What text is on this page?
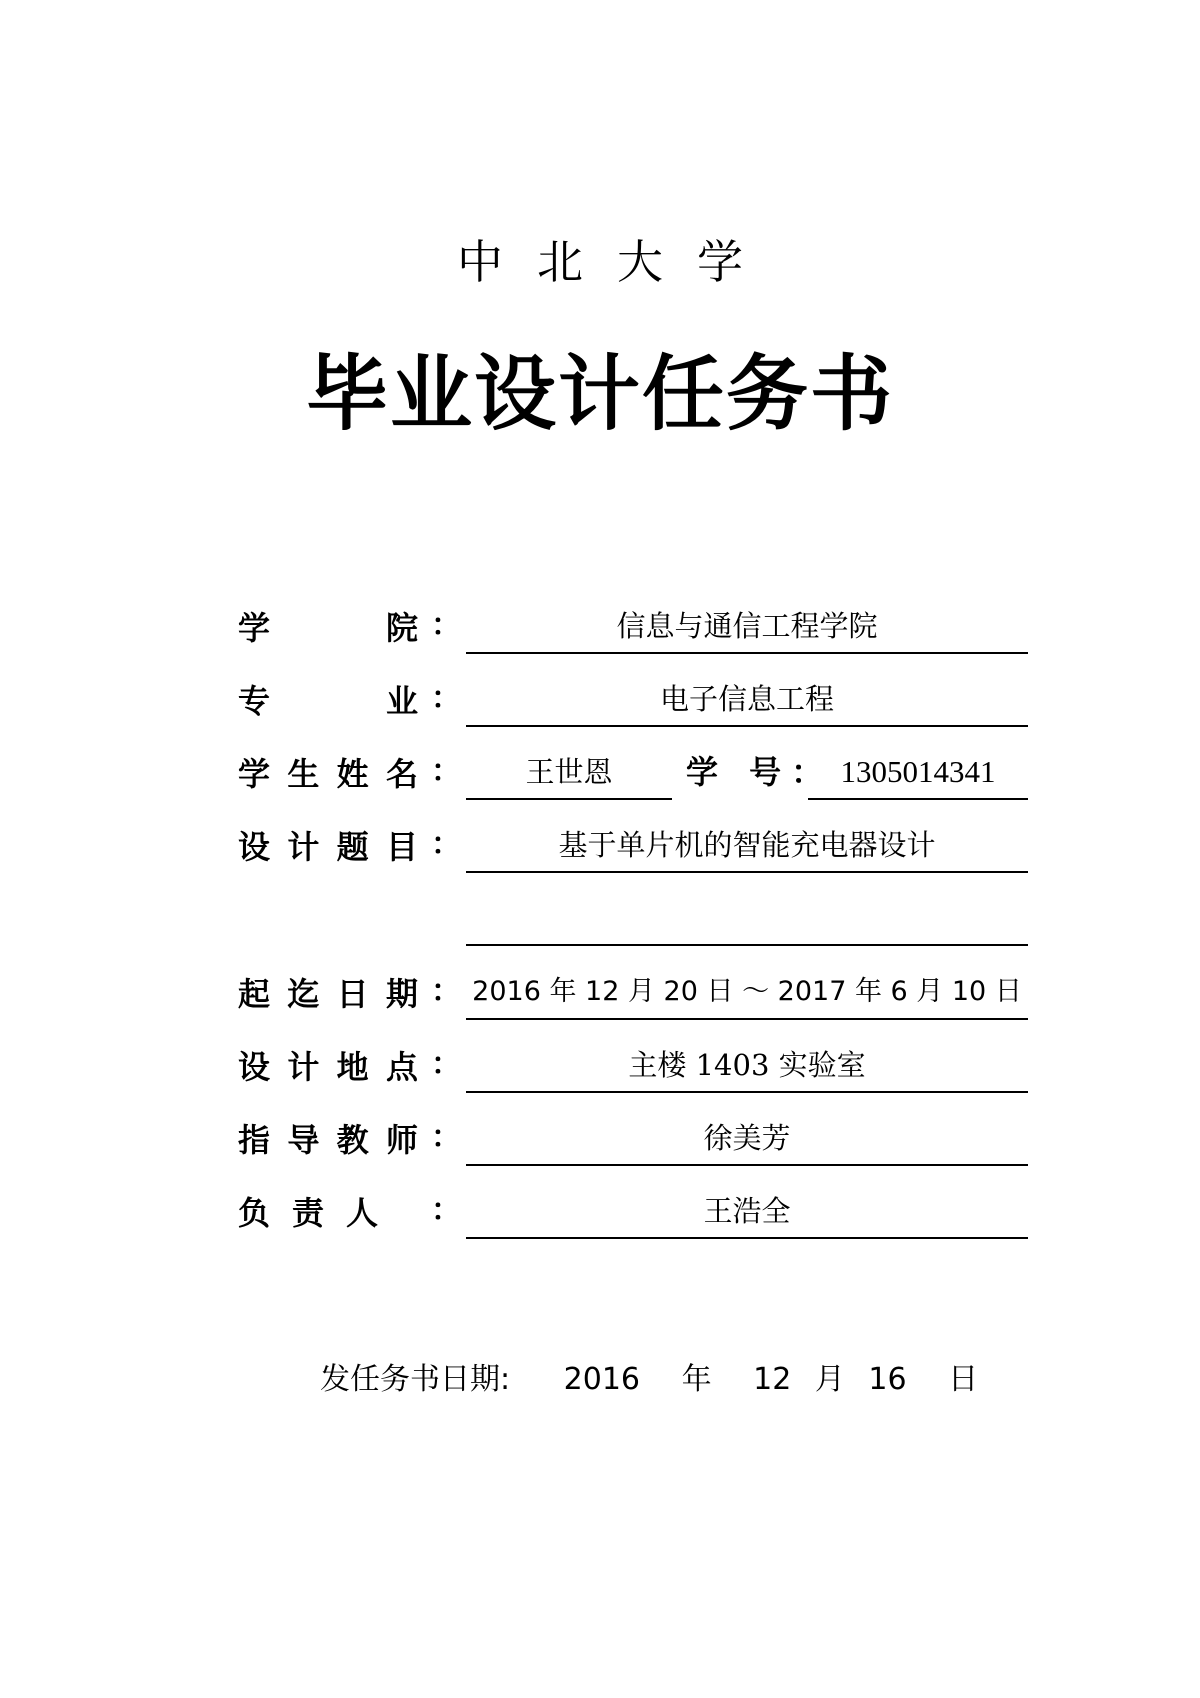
中北大学
毕业设计任务书
学	院 ：	信息与通信工程学院
专	业 ：	电子信息工程
学 生 姓 名 ：	王世恩	学 号： 1305014341
设 计 题 目 ：	基于单片机的智能充电器设计
起 迄 日 期 ： 2016 年 12 月 20 日 ～ 2017 年 6 月 10 日
设 计 地 点 ：	主楼 1403 实验室
指 导 教 师 ：	徐美芳
负 责 人 ：	王浩全
发任务书日期: 2016 年 12 月 16 日
